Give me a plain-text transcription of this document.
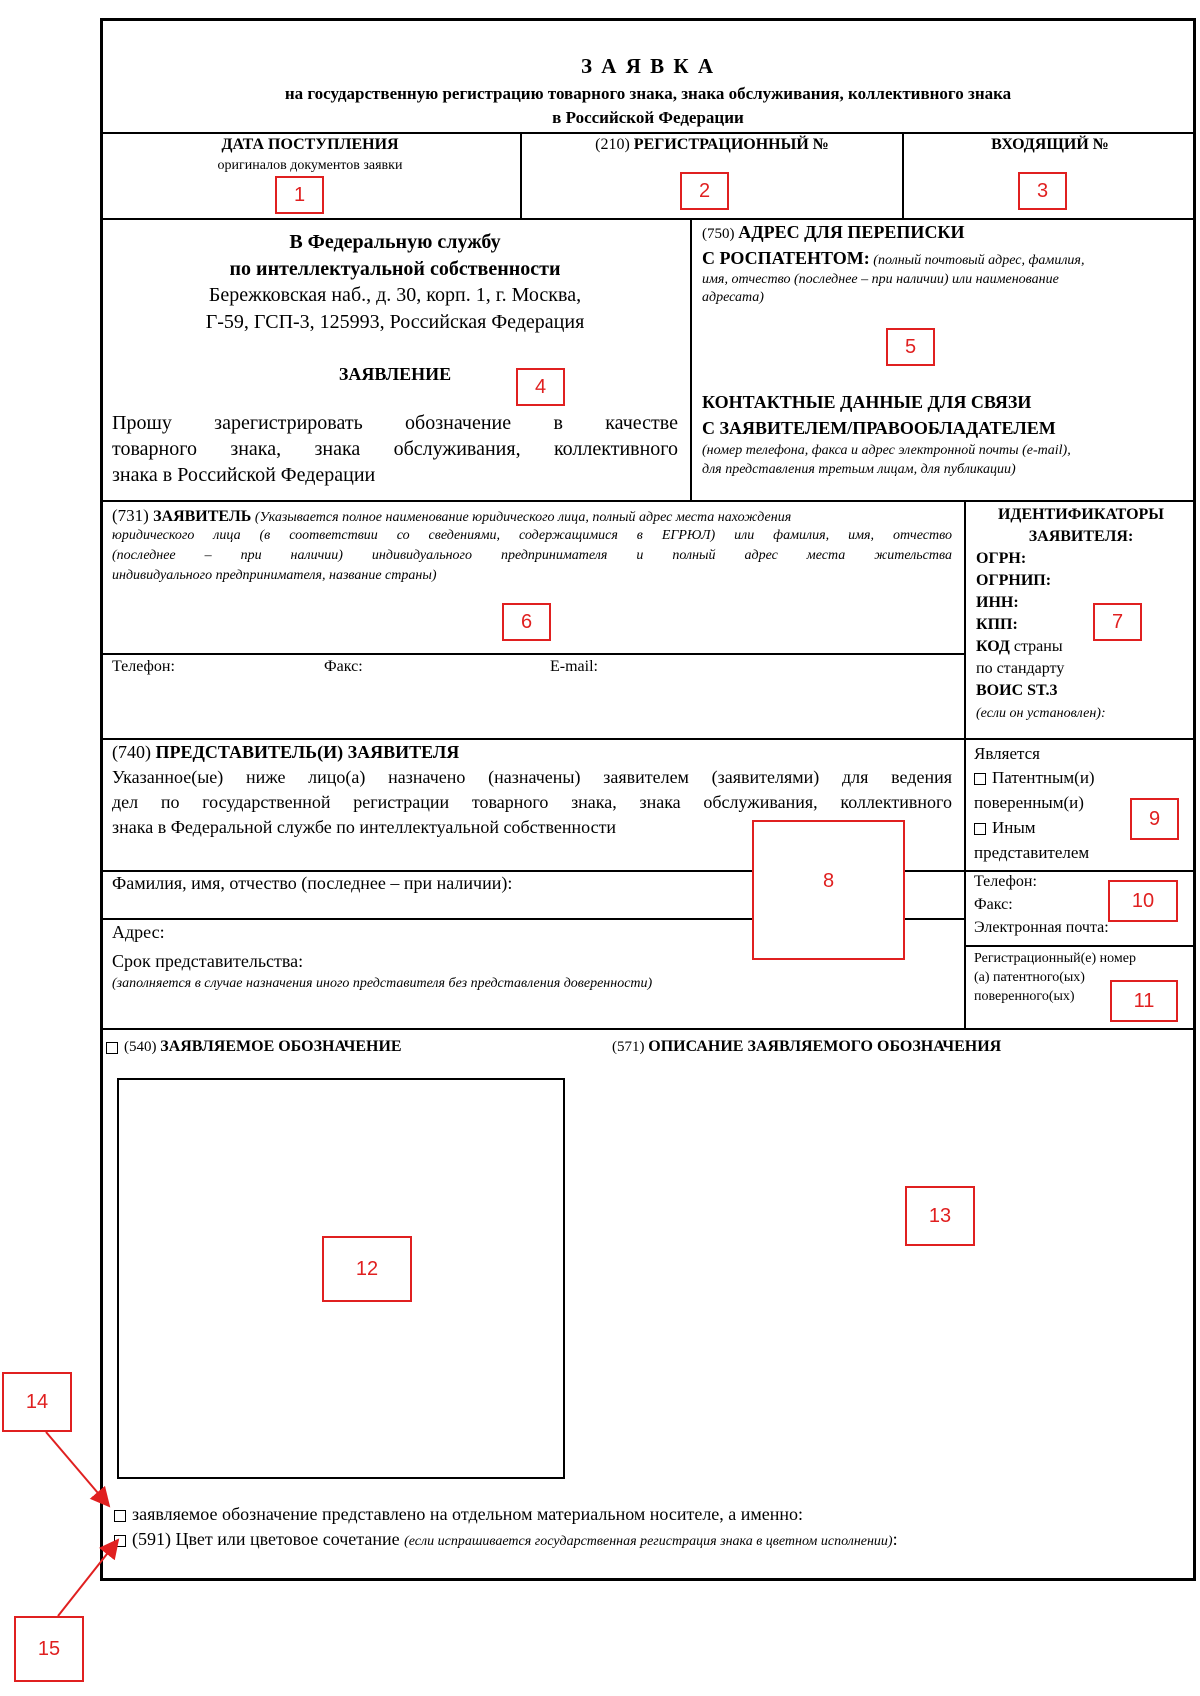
З А Я В К А
на государственную регистрацию товарного знака, знака обслуживания, коллективного знака
в Российской Федерации
ДАТА ПОСТУПЛЕНИЯ
оригиналов документов заявки
(210) РЕГИСТРАЦИОННЫЙ №	ВХОДЯЩИЙ №
В Федеральную службу
по интеллектуальной собственности
Бережковская наб., д. 30, корп. 1, г. Москва,
Г-59, ГСП-3, 125993, Российская Федерация
ЗАЯВЛЕНИЕ
Прошу зарегистрировать обозначение в качестве
товарного знака, знака обслуживания, коллективного
знака в Российской Федерации
(750) АДРЕС ДЛЯ ПЕРЕПИСКИ
С РОСПАТЕНТОМ: (полный почтовый адрес, фамилия,
имя, отчество (последнее – при наличии) или наименование
адресата)
КОНТАКТНЫЕ ДАННЫЕ ДЛЯ СВЯЗИ
С ЗАЯВИТЕЛЕМ/ПРАВООБЛАДАТЕЛЕМ
(номер телефона, факса и адрес электронной почты (e-mail),
для представления третьим лицам, для публикации)
(731) ЗАЯВИТЕЛЬ (Указывается полное наименование юридического лица, полный адрес места нахождения
юридического лица (в соответствии со сведениями, содержащимися в ЕГРЮЛ) или фамилия, имя, отчество
(последнее – при наличии) индивидуального предпринимателя и полный адрес места жительства
индивидуального предпринимателя, название страны)
Телефон:	Факс:	E-mail:
ИДЕНТИФИКАТОРЫ
ЗАЯВИТЕЛЯ:
ОГРН:
ОГРНИП:
ИНН:
КПП:
КОД страны
по стандарту
ВОИС ST.3
(если он установлен):
(740) ПРЕДСТАВИТЕЛЬ(И) ЗАЯВИТЕЛЯ
Указанное(ые) ниже лицо(а) назначено (назначены) заявителем (заявителями) для ведения
дел по государственной регистрации товарного знака, знака обслуживания, коллективного
знака в Федеральной службе по интеллектуальной собственности
Фамилия, имя, отчество (последнее – при наличии):
Адрес:
Срок представительства:
(заполняется в случае назначения иного представителя без представления доверенности)
Является
Патентным(и)
поверенным(и)
Иным
представителем
Телефон:
Факс:
Электронная почта:
Регистрационный(е) номер
(а) патентного(ых)
поверенного(ых)
(540) ЗАЯВЛЯЕМОЕ ОБОЗНАЧЕНИЕ	(571) ОПИСАНИЕ ЗАЯВЛЯЕМОГО ОБОЗНАЧЕНИЯ
заявляемое обозначение представлено на отдельном материальном носителе, а именно:
(591) Цвет или цветовое сочетание (если испрашивается государственная регистрация знака в цветном исполнении):
1	2	3
4
5
6	7
8
9
10
11
12
13
14
15
